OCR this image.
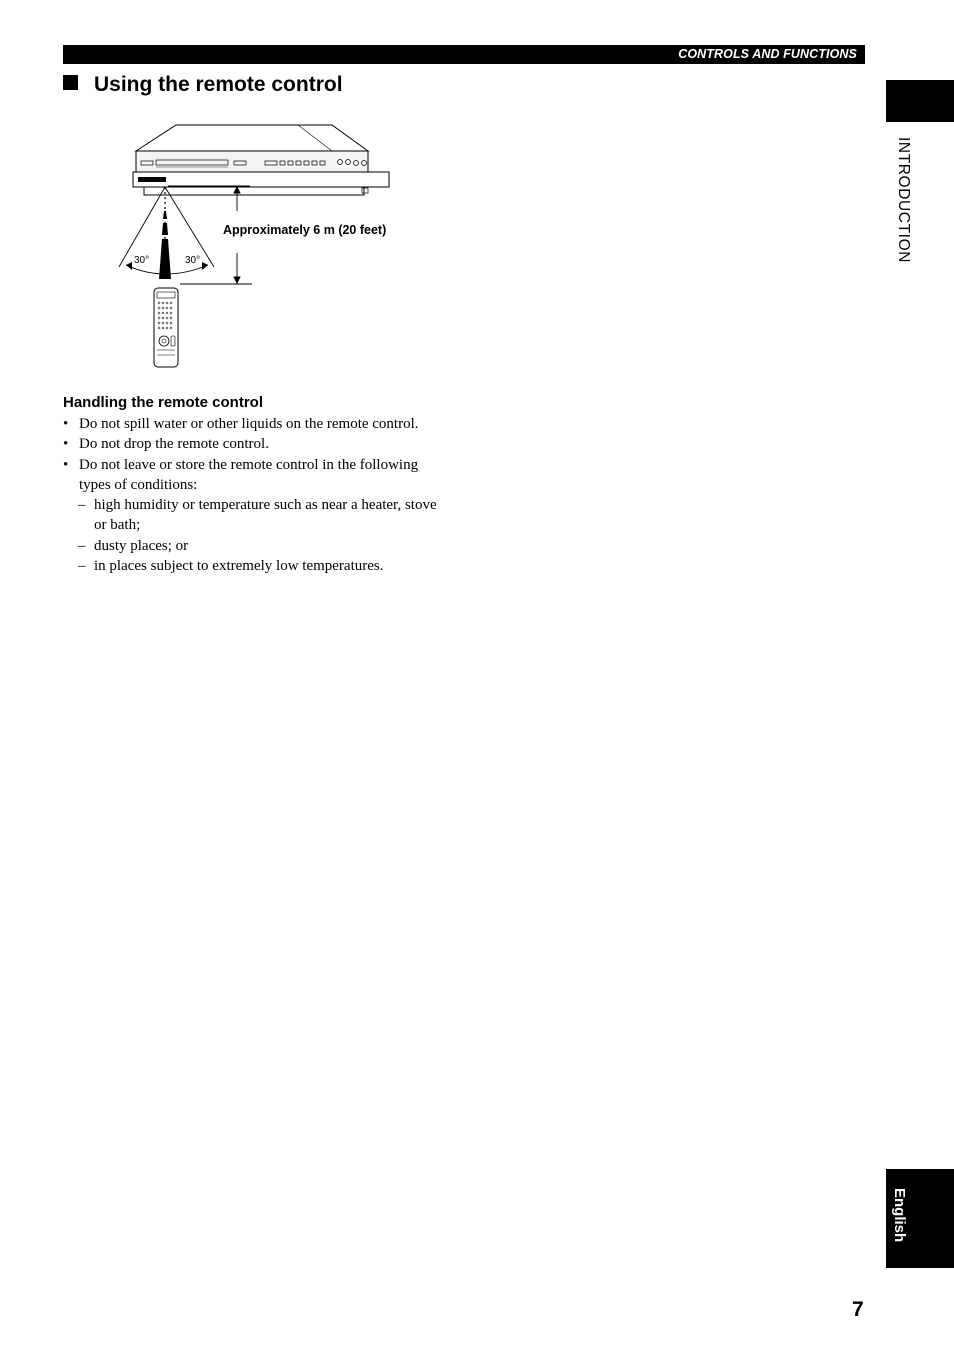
CONTROLS AND FUNCTIONS
Using the remote control
INTRODUCTION
Approximately 6 m (20 feet)
30°	30°
Handling the remote control
• Do not spill water or other liquids on the remote control.
• Do not drop the remote control.
• Do not leave or store the remote control in the following types of conditions:
– high humidity or temperature such as near a heater, stove or bath;
– dusty places; or
– in places subject to extremely low temperatures.
English
7
